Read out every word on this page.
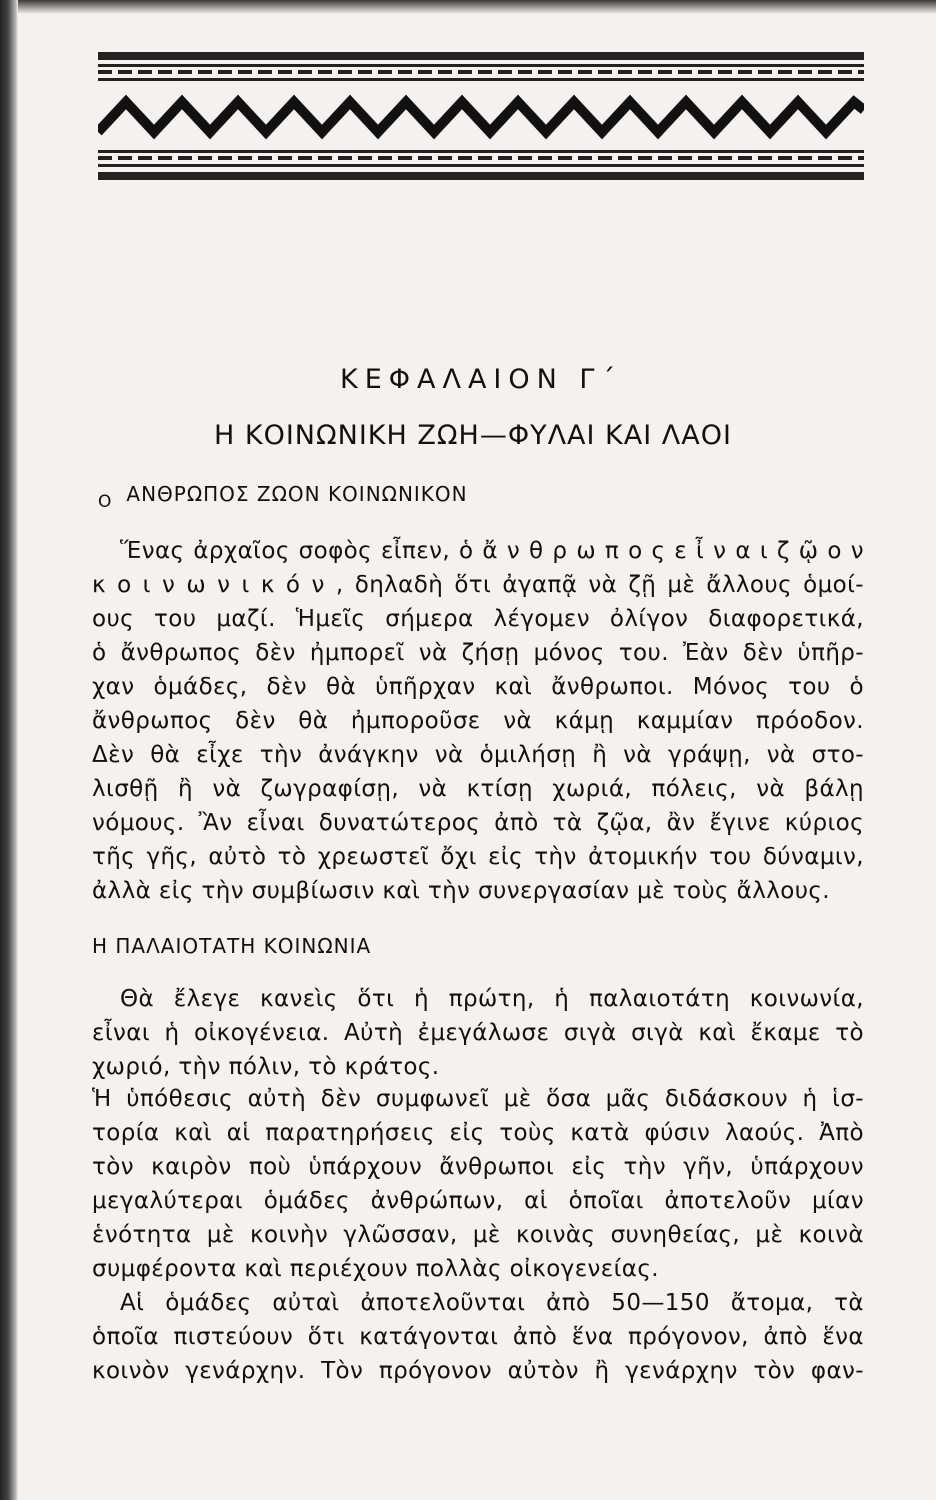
ΚΕΦΑΛΑΙΟΝ Γ΄
Η ΚΟΙΝΩΝΙΚΗ ΖΩΗ—ΦΥΛΑΙ ΚΑΙ ΛΑΟΙ
$_O$ ΑΝΘΡΩΠΟΣ ΖΩΟΝ ΚΟΙΝΩΝΙΚΟΝ
Ἕνας ἀρχαῖος σοφὸς εἶπεν, ὁ ἄ ν θ ρ ω π ο ς ε ἶ ν α ι ζ ῷ ο ν
κ ο ι ν ω ν ι κ ό ν , δηλαδὴ ὅτι ἀγαπᾷ νὰ ζῇ μὲ ἄλλους ὁμοί-
ους του μαζί. Ἡμεῖς σήμερα λέγομεν ὀλίγον διαφορετικά,
ὁ ἄνθρωπος δὲν ἠμπορεῖ νὰ ζήσῃ μόνος του. Ἐὰν δὲν ὑπῆρ-
χαν ὁμάδες, δὲν θὰ ὑπῆρχαν καὶ ἄνθρωποι. Μόνος του ὁ
ἄνθρωπος δὲν θὰ ἠμποροῦσε νὰ κάμῃ καμμίαν πρόοδον.
Δὲν θὰ εἶχε τὴν ἀνάγκην νὰ ὁμιλήσῃ ἢ νὰ γράψῃ, νὰ στο-
λισθῇ ἢ νὰ ζωγραφίσῃ, νὰ κτίσῃ χωριά, πόλεις, νὰ βάλῃ
νόμους. Ἂν εἶναι δυνατώτερος ἀπὸ τὰ ζῷα, ἂν ἔγινε κύριος
τῆς γῆς, αὐτὸ τὸ χρεωστεῖ ὄχι εἰς τὴν ἀτομικήν του δύναμιν,
ἀλλὰ εἰς τὴν συμβίωσιν καὶ τὴν συνεργασίαν μὲ τοὺς ἄλλους.
Η ΠΑΛΑΙΟΤΑΤΗ ΚΟΙΝΩΝΙΑ
Θὰ ἔλεγε κανεὶς ὅτι ἡ πρώτη, ἡ παλαιοτάτη κοινωνία,
εἶναι ἡ οἰκογένεια. Αὐτὴ ἐμεγάλωσε σιγὰ σιγὰ καὶ ἔκαμε τὸ
χωριό, τὴν πόλιν, τὸ κράτος.
Ἡ ὑπόθεσις αὐτὴ δὲν συμφωνεῖ μὲ ὅσα μᾶς διδάσκουν ἡ ἱσ-
τορία καὶ αἱ παρατηρήσεις εἰς τοὺς κατὰ φύσιν λαούς. Ἀπὸ
τὸν καιρὸν ποὺ ὑπάρχουν ἄνθρωποι εἰς τὴν γῆν, ὑπάρχουν
μεγαλύτεραι ὁμάδες ἀνθρώπων, αἱ ὁποῖαι ἀποτελοῦν μίαν
ἑνότητα μὲ κοινὴν γλῶσσαν, μὲ κοινὰς συνηθείας, μὲ κοινὰ
συμφέροντα καὶ περιέχουν πολλὰς οἰκογενείας.
Αἱ ὁμάδες αὐταὶ ἀποτελοῦνται ἀπὸ 50—150 ἄτομα, τὰ
ὁποῖα πιστεύουν ὅτι κατάγονται ἀπὸ ἕνα πρόγονον, ἀπὸ ἕνα
κοινὸν γενάρχην. Τὸν πρόγονον αὐτὸν ἢ γενάρχην τὸν φαν-
